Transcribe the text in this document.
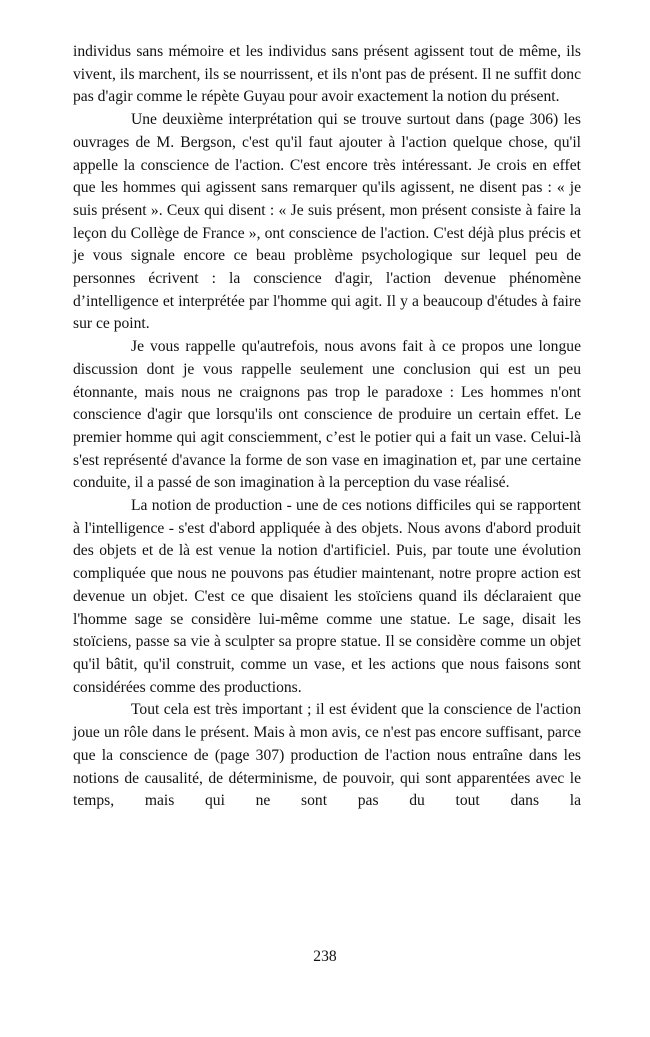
individus sans mémoire et les individus sans présent agissent tout de même, ils vivent, ils marchent, ils se nourrissent, et ils n'ont pas de présent. Il ne suffit donc pas d'agir comme le répète Guyau pour avoir exactement la notion du présent.

Une deuxième interprétation qui se trouve surtout dans (page 306) les ouvrages de M. Bergson, c'est qu'il faut ajouter à l'action quelque chose, qu'il appelle la conscience de l'action. C'est encore très intéressant. Je crois en effet que les hommes qui agissent sans remarquer qu'ils agissent, ne disent pas : « je suis présent ». Ceux qui disent : « Je suis présent, mon présent consiste à faire la leçon du Collège de France », ont conscience de l'action. C'est déjà plus précis et je vous signale encore ce beau problème psychologique sur lequel peu de personnes écrivent : la conscience d'agir, l'action devenue phénomène d’intelligence et interprétée par l'homme qui agit. Il y a beaucoup d'études à faire sur ce point.

Je vous rappelle qu'autrefois, nous avons fait à ce propos une longue discussion dont je vous rappelle seulement une conclusion qui est un peu étonnante, mais nous ne craignons pas trop le paradoxe : Les hommes n'ont conscience d'agir que lorsqu'ils ont conscience de produire un certain effet. Le premier homme qui agit consciemment, c’est le potier qui a fait un vase. Celui-là s'est représenté d'avance la forme de son vase en imagination et, par une certaine conduite, il a passé de son imagination à la perception du vase réalisé.

La notion de production - une de ces notions difficiles qui se rapportent à l'intelligence - s'est d'abord appliquée à des objets. Nous avons d'abord produit des objets et de là est venue la notion d'artificiel. Puis, par toute une évolution compliquée que nous ne pouvons pas étudier maintenant, notre propre action est devenue un objet. C'est ce que disaient les stoïciens quand ils déclaraient que l'homme sage se considère lui-même comme une statue. Le sage, disait les stoïciens, passe sa vie à sculpter sa propre statue. Il se considère comme un objet qu'il bâtit, qu'il construit, comme un vase, et les actions que nous faisons sont considérées comme des productions.

Tout cela est très important ; il est évident que la conscience de l'action joue un rôle dans le présent. Mais à mon avis, ce n'est pas encore suffisant, parce que la conscience de (page 307) production de l'action nous entraîne dans les notions de causalité, de déterminisme, de pouvoir, qui sont apparentées avec le temps, mais qui ne sont pas du tout dans la

238
